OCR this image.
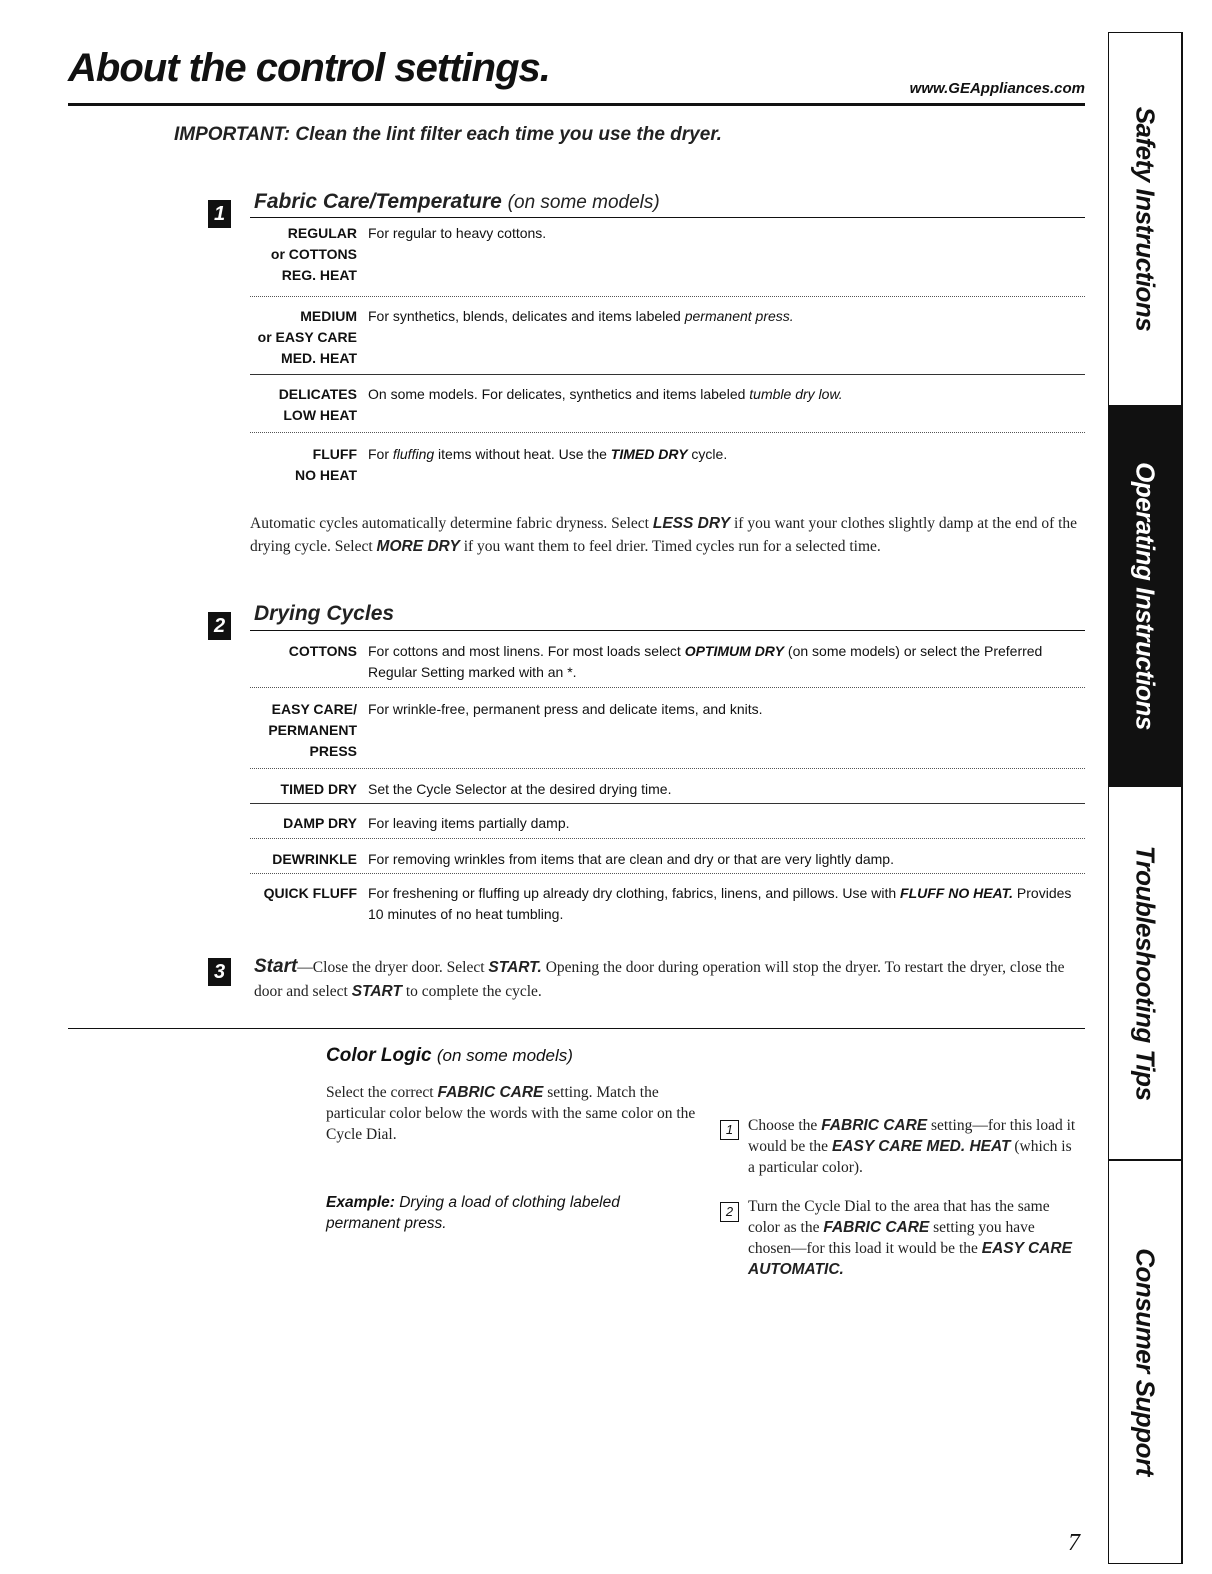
About the control settings.	www.GEAppliances.com
IMPORTANT: Clean the lint filter each time you use the dryer.
1
Fabric Care/Temperature (on some models)
REGULAR
or COTTONS
REG. HEAT
For regular to heavy cottons.
MEDIUM
or EASY CARE
MED. HEAT
For synthetics, blends, delicates and items labeled permanent press.
DELICATES
LOW HEAT
On some models. For delicates, synthetics and items labeled tumble dry low.
FLUFF
NO HEAT
For fluffing items without heat. Use the TIMED DRY cycle.
Automatic cycles automatically determine fabric dryness. Select LESS DRY if you want your clothes slightly damp at the end of the drying cycle. Select MORE DRY if you want them to feel drier. Timed cycles run for a selected time.
2
Drying Cycles
COTTONS For cottons and most linens. For most loads select OPTIMUM DRY (on some models) or select the Preferred Regular Setting marked with an *.
EASY CARE/
PERMANENT
PRESS
For wrinkle-free, permanent press and delicate items, and knits.
TIMED DRY Set the Cycle Selector at the desired drying time.
DAMP DRY For leaving items partially damp.
DEWRINKLE For removing wrinkles from items that are clean and dry or that are very lightly damp.
QUICK FLUFF For freshening or fluffing up already dry clothing, fabrics, linens, and pillows. Use with FLUFF NO HEAT. Provides 10 minutes of no heat tumbling.
3	Start—Close the dryer door. Select START. Opening the door during operation will stop the dryer. To restart the dryer, close the door and select START to complete the cycle.
Color Logic (on some models)
Select the correct FABRIC CARE setting. Match the particular color below the words with the same color on the Cycle Dial.
Example: Drying a load of clothing labeled permanent press.
1 Choose the FABRIC CARE setting—for this load it would be the EASY CARE MED. HEAT (which is a particular color).
2 Turn the Cycle Dial to the area that has the same color as the FABRIC CARE setting you have chosen—for this load it would be the EASY CARE AUTOMATIC.
Safety Instructions
Operating Instructions
Troubleshooting Tips
Consumer Support
7
